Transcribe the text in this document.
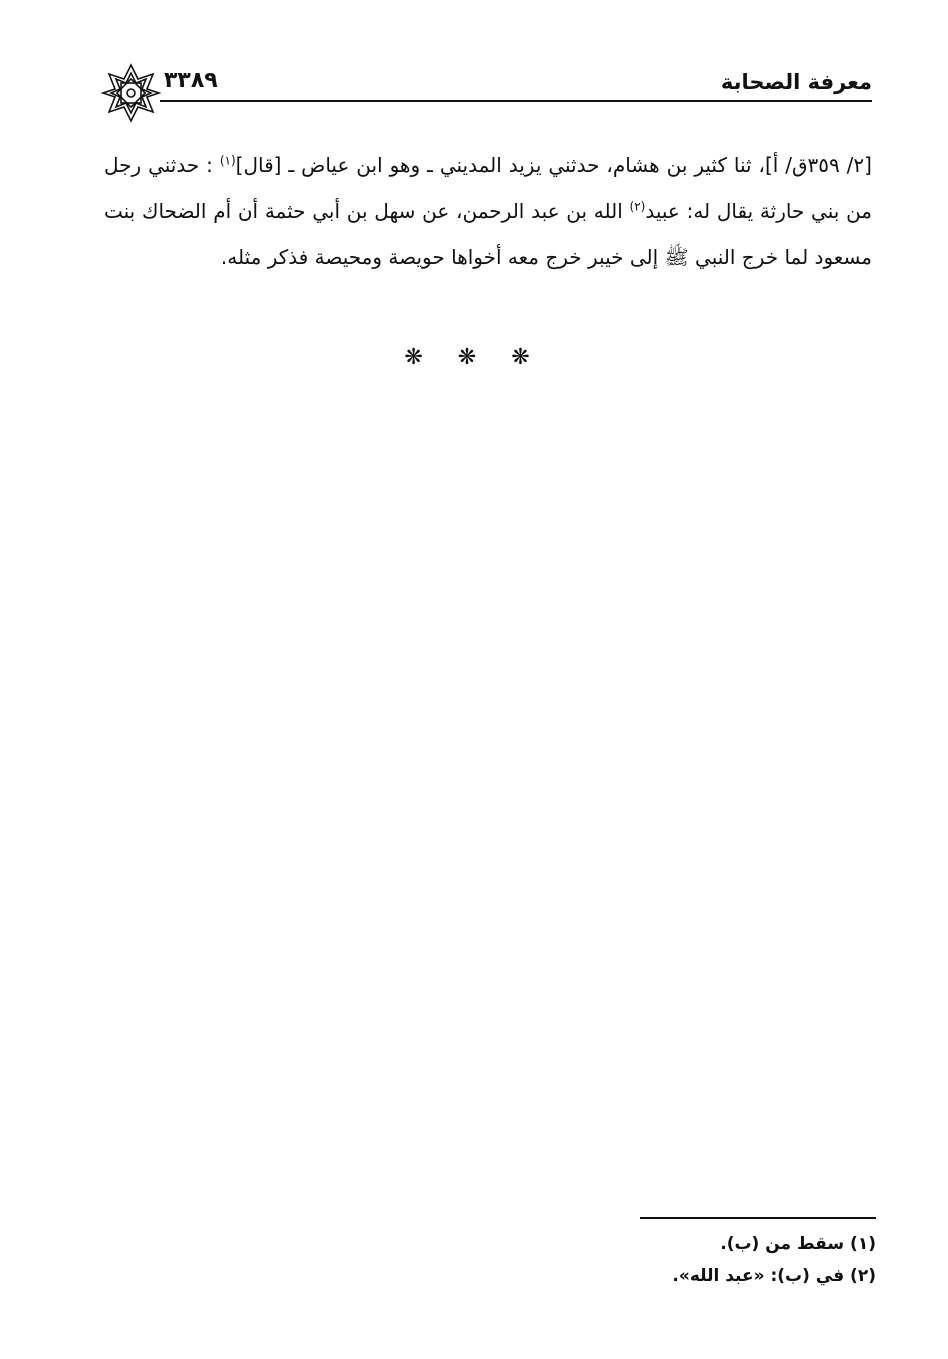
٣٣٨٩	معرفة الصحابة

[٢/ ٣٥٩ق/ أ]، ثنا كثير بن هشام، حدثني يزيد المديني ـ وهو ابن عياض ـ [قال]$^{(١)}$ : حدثني رجل من بني حارثة يقال له: عبيد$^{(٢)}$ الله بن عبد الرحمن، عن سهل بن أبي حثمة أن أم الضحاك بنت مسعود لما خرج النبي ﷺ إلى خيبر خرج معه أخواها حويصة ومحيصة فذكر مثله.

❋ ❋ ❋
(١) سقط من (ب).
(٢) في (ب): «عبد الله».
